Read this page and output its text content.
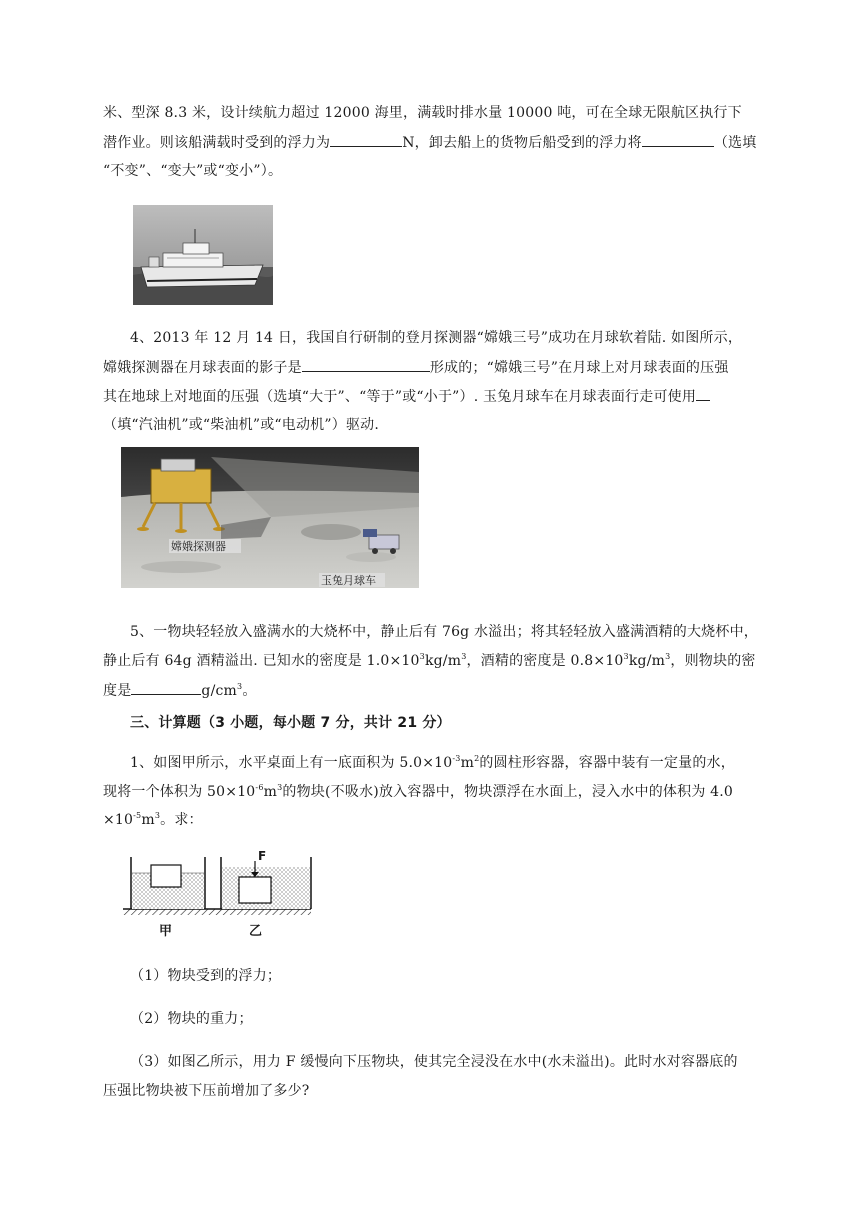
米、型深 8.3 米，设计续航力超过 12000 海里，满载时排水量 10000 吨，可在全球无限航区执行下
潜作业。则该船满载时受到的浮力为	N，卸去船上的货物后船受到的浮力将	（选填
“不变”、“变大”或“变小”）。
4、2013 年 12 月 14 日，我国自行研制的登月探测器“嫦娥三号”成功在月球软着陆. 如图所示，
嫦娥探测器在月球表面的影子是	形成的；“嫦娥三号”在月球上对月球表面的压强
其在地球上对地面的压强（选填“大于”、“等于”或“小于”）. 玉兔月球车在月球表面行走可使用
（填“汽油机”或“柴油机”或“电动机”）驱动.
嫦娥探测器
玉兔月球车
5、一物块轻轻放入盛满水的大烧杯中，静止后有 76g 水溢出；将其轻轻放入盛满酒精的大烧杯中，
静止后有 64g 酒精溢出. 已知水的密度是 $1.0\times 10^3kg/m^3$，酒精的密度是 $0.8\times 10^3kg/m^3$，则物块的密
度是	$g/cm^3$。
三、计算题（3 小题，每小题 7 分，共计 21 分）
1、如图甲所示，水平桌面上有一底面积为 $5.0\times 10^{-3}m^2$的圆柱形容器，容器中装有一定量的水，
现将一个体积为 $50\times 10^{-6}m^3$的物块(不吸水)放入容器中，物块漂浮在水面上，浸入水中的体积为 4.0
$\times 10^{-5}m^3$。求：
F
甲	乙
（1）物块受到的浮力；
（2）物块的重力；
（3）如图乙所示，用力 F 缓慢向下压物块，使其完全浸没在水中(水未溢出)。此时水对容器底的
压强比物块被下压前增加了多少?
